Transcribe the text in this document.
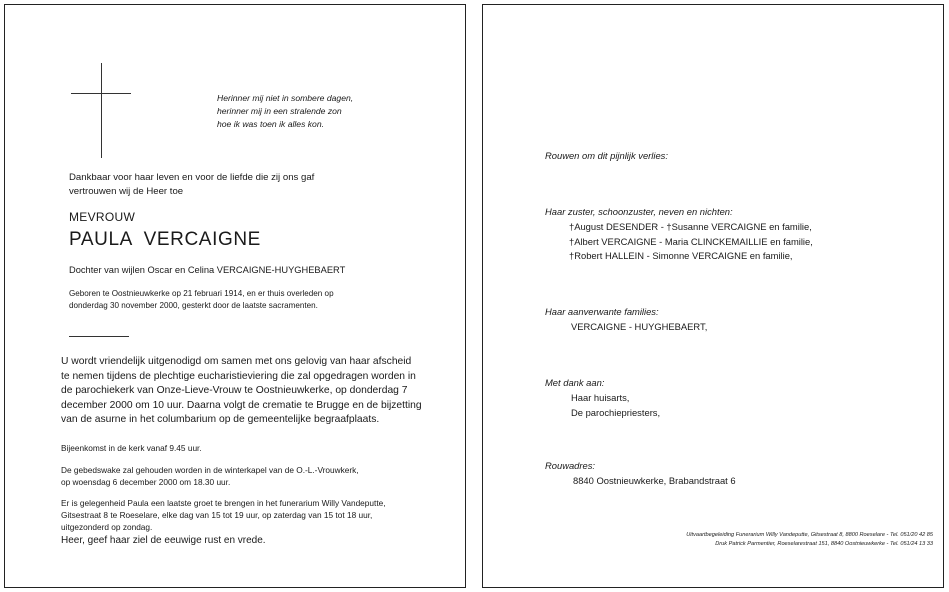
Herinner mij niet in sombere dagen,
herinner mij in een stralende zon
hoe ik was toen ik alles kon.
Dankbaar voor haar leven en voor de liefde die zij ons gaf
vertrouwen wij de Heer toe
MEVROUW
PAULA  VERCAIGNE
Dochter van wijlen Oscar en Celina VERCAIGNE-HUYGHEBAERT
Geboren te Oostnieuwkerke op 21 februari 1914, en er thuis overleden op
donderdag 30 november 2000, gesterkt door de laatste sacramenten.
U wordt vriendelijk uitgenodigd om samen met ons gelovig van haar afscheid
te nemen tijdens de plechtige eucharistieviering die zal opgedragen worden in
de parochiekerk van Onze-Lieve-Vrouw te Oostnieuwkerke, op donderdag 7
december 2000 om 10 uur. Daarna volgt de crematie te Brugge en de bijzetting
van de asurne in het columbarium op de gemeentelijke begraafplaats.
Bijeenkomst in de kerk vanaf 9.45 uur.
De gebedswake zal gehouden worden in de winterkapel van de O.-L.-Vrouwkerk,
op woensdag 6 december 2000 om 18.30 uur.
Er is gelegenheid Paula een laatste groet te brengen in het funerarium Willy Vandeputte,
Gitsestraat 8 te Roeselare, elke dag van 15 tot 19 uur, op zaterdag van 15 tot 18 uur,
uitgezonderd op zondag.
Heer, geef haar ziel de eeuwige rust en vrede.
Rouwen om dit pijnlijk verlies:
Haar zuster, schoonzuster, neven en nichten:
†August DESENDER - †Susanne VERCAIGNE en familie,
†Albert VERCAIGNE - Maria CLINCKEMAILLIE en familie,
†Robert HALLEIN - Simonne VERCAIGNE en familie,
Haar aanverwante families:
VERCAIGNE - HUYGHEBAERT,
Met dank aan:
Haar huisarts,
De parochiepriesters,
Rouwadres:
8840 Oostnieuwkerke, Brabandstraat 6
Uitvaartbegeleiding Funerarium Willy Vandeputte, Gitsestraat 8, 8800 Roeselare - Tel. 051/20 42 85
Druk Patrick Parmentier, Roeselarestraat 151, 8840 Oostnieuwkerke - Tel. 051/24 13 33
